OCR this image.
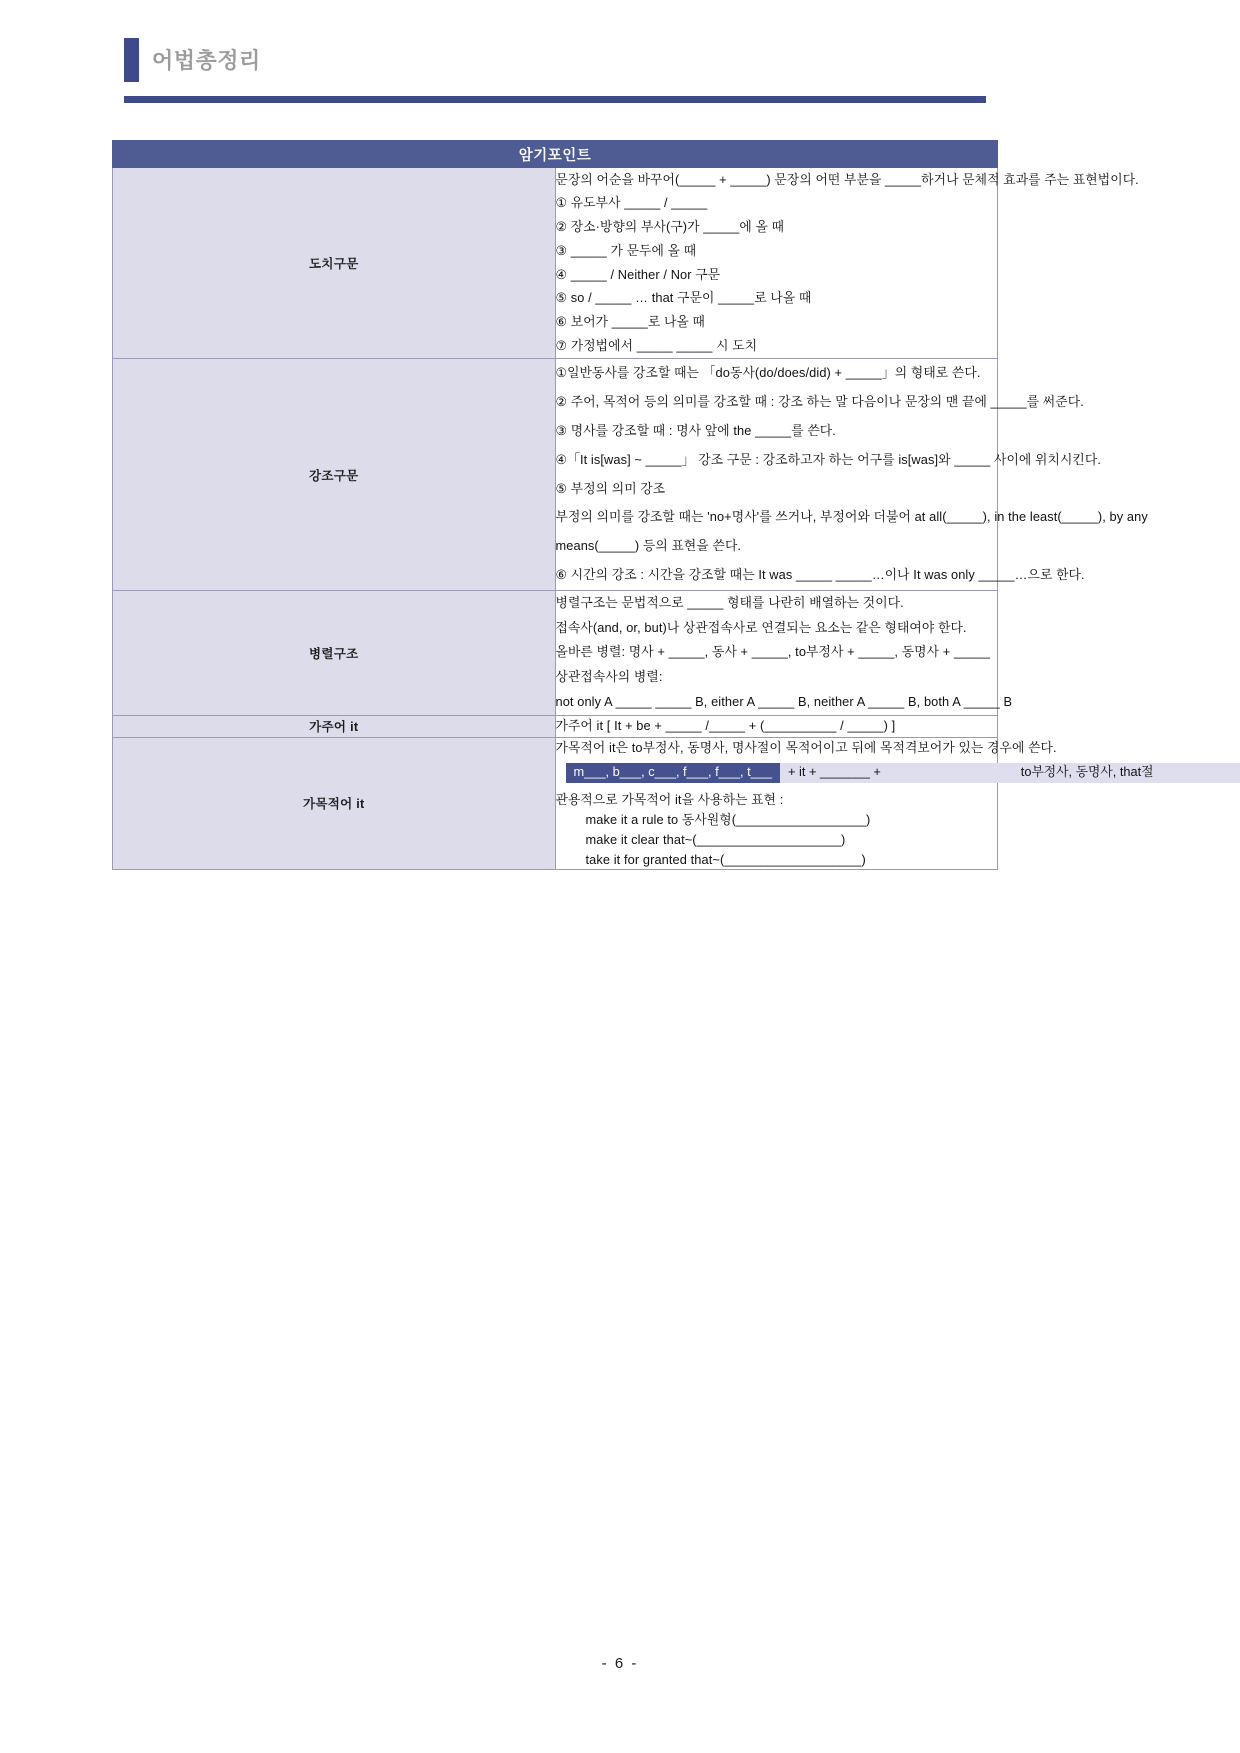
어법총정리
암기포인트	
도치구문	
문장의 어순을 바꾸어(_____ + _____) 문장의 어떤 부분을 _____하거나 문체적 효과를 주는 표현법이다.
① 유도부사 _____ / _____
② 장소·방향의 부사(구)가 _____에 올 때
③ _____ 가 문두에 올 때
④ _____ / Neither / Nor 구문
⑤ so / _____ … that 구문이 _____로 나올 때
⑥ 보어가 _____로 나올 때
⑦ 가정법에서 _____ _____ 시 도치

강조구문	
①일반동사를 강조할 때는 「do동사(do/does/did) + _____」의 형태로 쓴다.
② 주어, 목적어 등의 의미를 강조할 때 : 강조 하는 말 다음이나 문장의 맨 끝에 _____를 써준다.
③ 명사를 강조할 때 : 명사 앞에 the _____를 쓴다.
④「It is[was] ~ _____」 강조 구문 : 강조하고자 하는 어구를 is[was]와 _____ 사이에 위치시킨다.
⑤ 부정의 의미 강조
부정의 의미를 강조할 때는 'no+명사'를 쓰거나, 부정어와 더불어 at all(_____), in the least(_____), by any
means(_____) 등의 표현을 쓴다.
⑥ 시간의 강조 : 시간을 강조할 때는 It was _____ _____…이나 It was only _____…으로 한다.

병렬구조	병렬구조는 문법적으로 _____ 형태를 나란히 배열하는 것이다.
접속사(and, or, but)나 상관접속사로 연결되는 요소는 같은 형태여야 한다.
올바른 병렬: 명사 + _____, 동사 + _____, to부정사 + _____, 동명사 + _____
상관접속사의 병렬:
not only A _____ _____ B, either A _____ B, neither A _____ B, both A _____ B

가주어 it	가주어 it [ It + be + _____ /_____ + (__________ / _____) ]

가목적어 it	
가목적어 it은 to부정사, 동명사, 명사절이 목적어이고 뒤에 목적격보어가 있는 경우에 쓴다.
m___, b___, c___, f___, f___, t___	+ it + _______ +	to부정사, 동명사, that절
관용적으로 가목적어 it을 사용하는 표현 :
make it a rule to 동사원형(__________________)
make it clear that~(____________________)
take it for granted that~(___________________)
- 6 -
